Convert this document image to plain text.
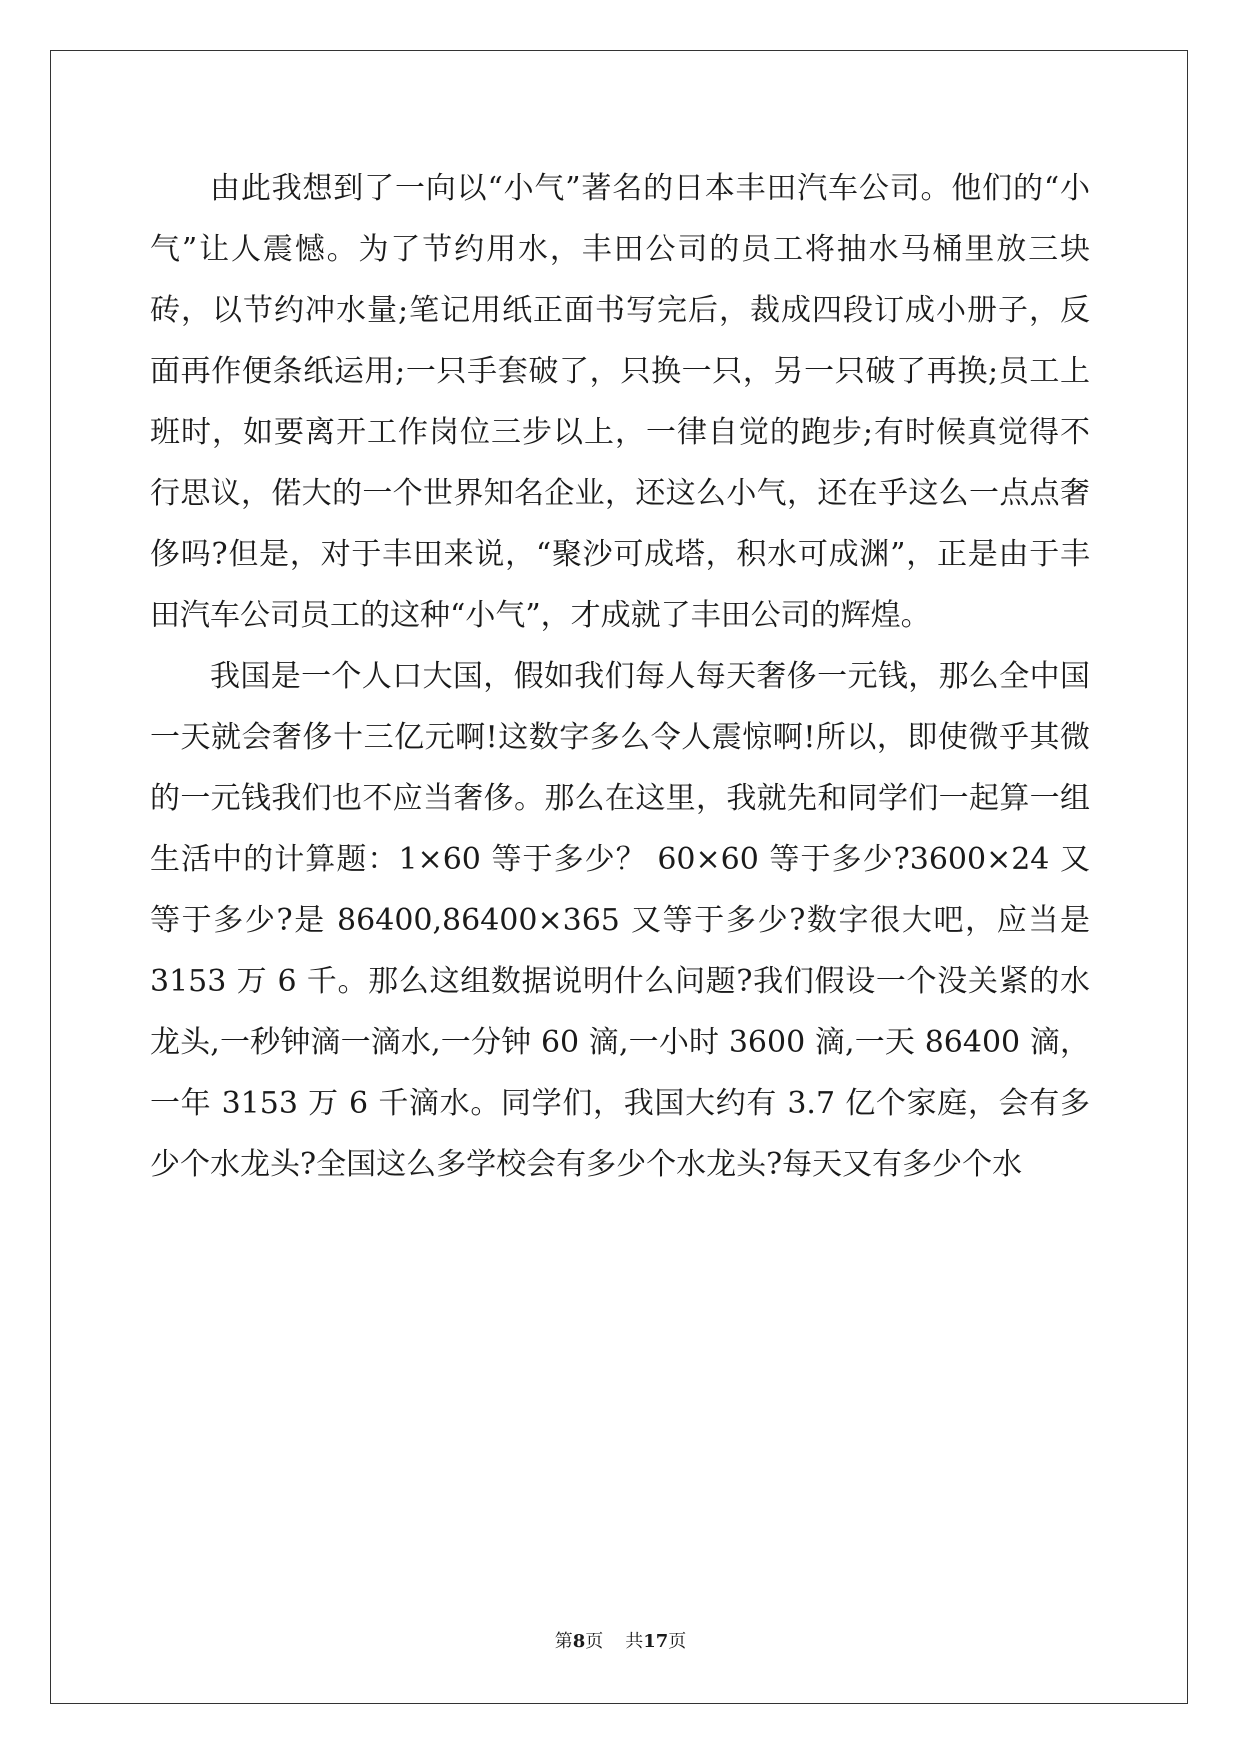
由此我想到了一向以“小气”著名的日本丰田汽车公司。他们的“小气”让人震憾。为了节约用水，丰田公司的员工将抽水马桶里放三块砖，以节约冲水量;笔记用纸正面书写完后，裁成四段订成小册子，反面再作便条纸运用;一只手套破了，只换一只，另一只破了再换;员工上班时，如要离开工作岗位三步以上，一律自觉的跑步;有时候真觉得不行思议，偌大的一个世界知名企业，还这么小气，还在乎这么一点点奢侈吗?但是，对于丰田来说，“聚沙可成塔，积水可成渊”，正是由于丰田汽车公司员工的这种“小气”，才成就了丰田公司的辉煌。

我国是一个人口大国，假如我们每人每天奢侈一元钱，那么全中国一天就会奢侈十三亿元啊!这数字多么令人震惊啊!所以，即使微乎其微的一元钱我们也不应当奢侈。那么在这里，我就先和同学们一起算一组生活中的计算题：1×60 等于多少？ 60×60 等于多少?3600×24 又等于多少?是 86400,86400×365 又等于多少?数字很大吧，应当是 3153 万 6 千。那么这组数据说明什么问题?我们假设一个没关紧的水龙头,一秒钟滴一滴水,一分钟 60 滴,一小时 3600 滴,一天 86400 滴，一年 3153 万 6 千滴水。同学们，我国大约有 3.7 亿个家庭，会有多少个水龙头?全国这么多学校会有多少个水龙头?每天又有多少个水

第8页 共17页
